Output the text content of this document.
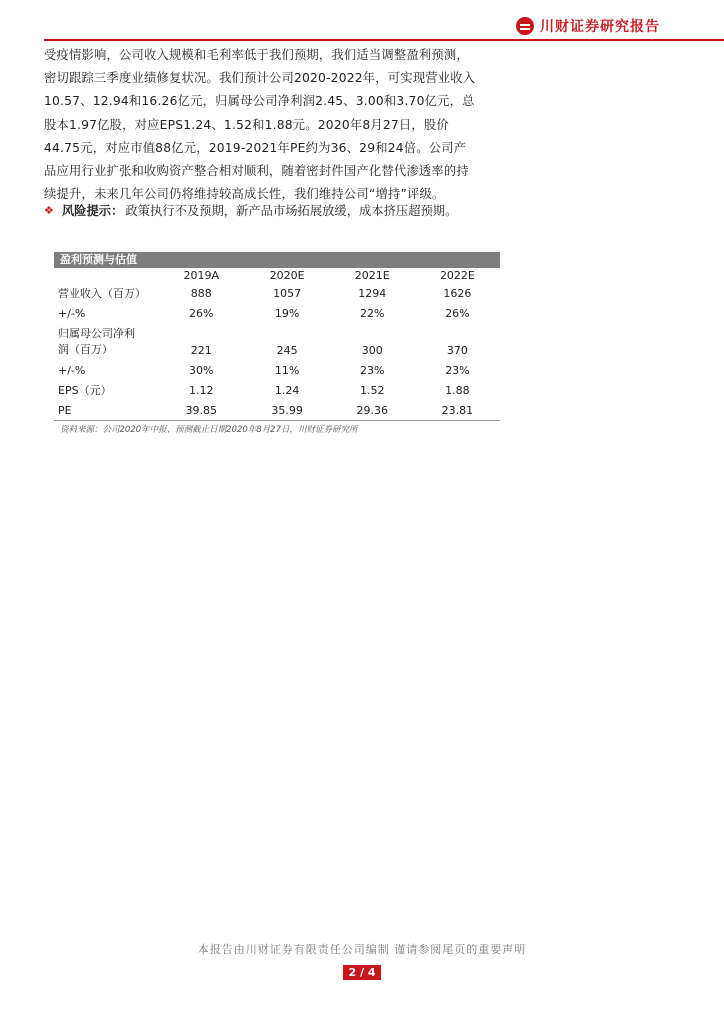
川财证券研究报告

受疫情影响，公司收入规模和毛利率低于我们预期，我们适当调整盈利预测，

密切跟踪三季度业绩修复状况。我们预计公司2020-2022年，可实现营业收入

10.57、12.94和16.26亿元，归属母公司净利润2.45、3.00和3.70亿元，总

股本1.97亿股，对应EPS1.24、1.52和1.88元。2020年8月27日，股价

44.75元，对应市值88亿元，2019-2021年PE约为36、29和24倍。公司产

品应用行业扩张和收购资产整合相对顺利，随着密封件国产化替代渗透率的持

续提升，未来几年公司仍将维持较高成长性，我们维持公司“增持”评级。

❖ 风险提示： 政策执行不及预期，新产品市场拓展放缓，成本挤压超预期。
盈利预测与估值
	2019A	2020E	2021E	2022E
营业收入（百万）	888	1057	1294	1626
+/-%	26%	19%	22%	26%

归属母公司净利
润（百万）	221	245	300	370
+/-%	30%	11%	23%	23%
EPS（元）	1.12	1.24	1.52	1.88
PE	39.85	35.99	29.36	23.81
资料来源：公司2020年中报、预测截止日期2020年8月27日，川财证券研究所
本报告由川财证券有限责任公司编制 谨请参阅尾页的重要声明
2 / 4
